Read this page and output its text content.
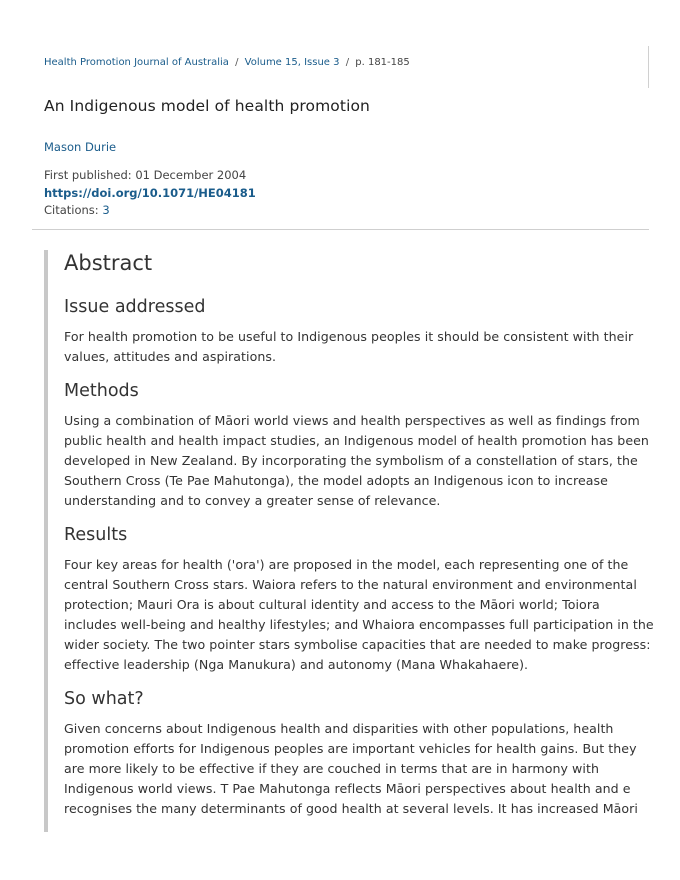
Health Promotion Journal of Australia / Volume 15, Issue 3 / p. 181-185
An Indigenous model of health promotion
Mason Durie
First published: 01 December 2004
https://doi.org/10.1071/HE04181
Citations: 3
Abstract
Issue addressed

For health promotion to be useful to Indigenous peoples it should be consistent with their
values, attitudes and aspirations.

Methods

Using a combination of Māori world views and health perspectives as well as findings from
public health and health impact studies, an Indigenous model of health promotion has been
developed in New Zealand. By incorporating the symbolism of a constellation of stars, the
Southern Cross (Te Pae Mahutonga), the model adopts an Indigenous icon to increase
understanding and to convey a greater sense of relevance.

Results

Four key areas for health ('ora') are proposed in the model, each representing one of the
central Southern Cross stars. Waiora refers to the natural environment and environmental
protection; Mauri Ora is about cultural identity and access to the Māori world; Toiora
includes well-being and healthy lifestyles; and Whaiora encompasses full participation in the
wider society. The two pointer stars symbolise capacities that are needed to make progress:
effective leadership (Nga Manukura) and autonomy (Mana Whakahaere).

So what?

Given concerns about Indigenous health and disparities with other populations, health
promotion efforts for Indigenous peoples are important vehicles for health gains. But they
are more likely to be effective if they are couched in terms that are in harmony with
Indigenous world views. T Pae Mahutonga reflects Māori perspectives about health and e
recognises the many determinants of good health at several levels. It has increased Māori
